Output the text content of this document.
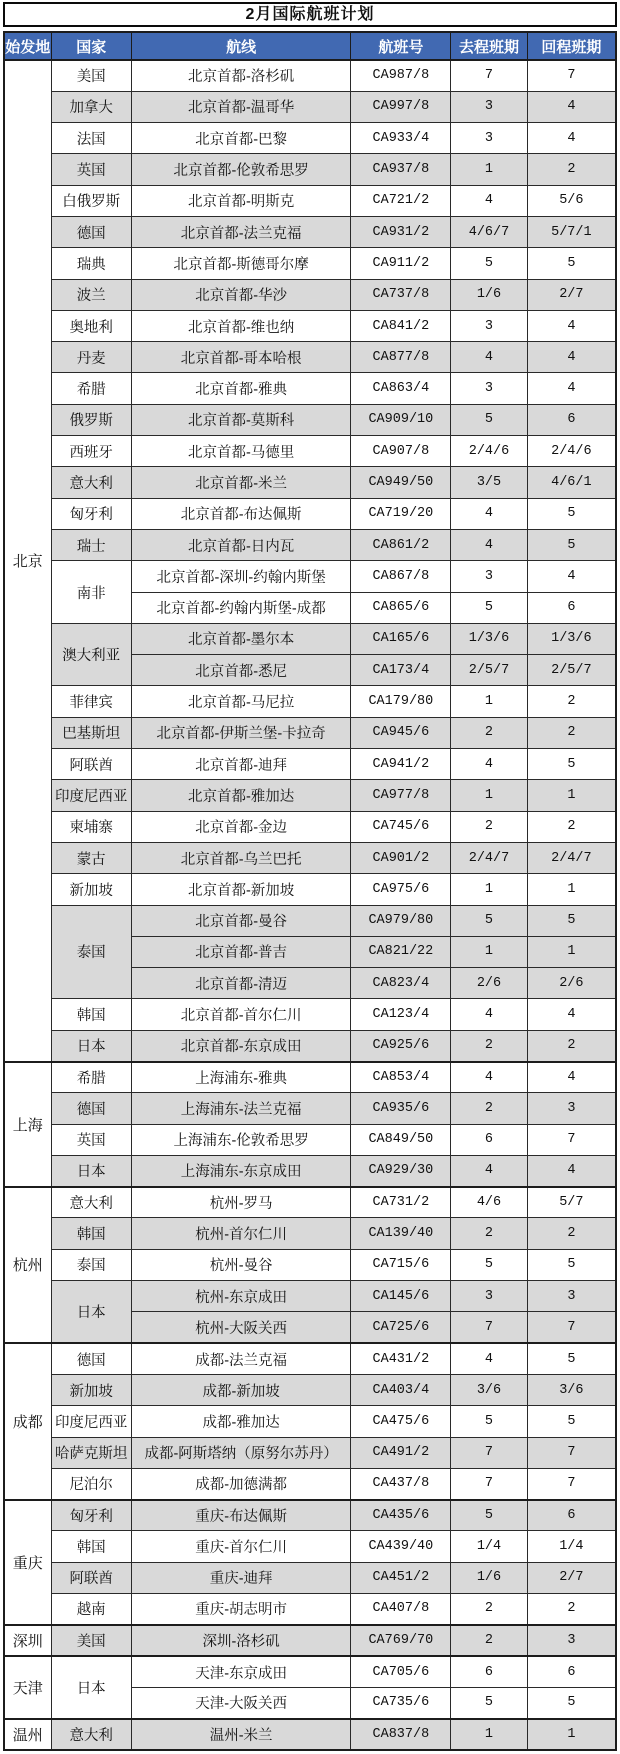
2月国际航班计划
始发地	国家	航线	航班号	去程班期	回程班期
北京	美国	北京首都-洛杉矶	CA987/8	7	7
	加拿大	北京首都-温哥华	CA997/8	3	4
	法国	北京首都-巴黎	CA933/4	3	4
	英国	北京首都-伦敦希思罗	CA937/8	1	2
	白俄罗斯	北京首都-明斯克	CA721/2	4	5/6
	德国	北京首都-法兰克福	CA931/2	4/6/7	5/7/1
	瑞典	北京首都-斯德哥尔摩	CA911/2	5	5
	波兰	北京首都-华沙	CA737/8	1/6	2/7
	奥地利	北京首都-维也纳	CA841/2	3	4
	丹麦	北京首都-哥本哈根	CA877/8	4	4
	希腊	北京首都-雅典	CA863/4	3	4
	俄罗斯	北京首都-莫斯科	CA909/10	5	6
	西班牙	北京首都-马德里	CA907/8	2/4/6	2/4/6
	意大利	北京首都-米兰	CA949/50	3/5	4/6/1
	匈牙利	北京首都-布达佩斯	CA719/20	4	5
	瑞士	北京首都-日内瓦	CA861/2	4	5
	南非	北京首都-深圳-约翰内斯堡	CA867/8	3	4
		北京首都-约翰内斯堡-成都	CA865/6	5	6
	澳大利亚	北京首都-墨尔本	CA165/6	1/3/6	1/3/6
		北京首都-悉尼	CA173/4	2/5/7	2/5/7
	菲律宾	北京首都-马尼拉	CA179/80	1	2
	巴基斯坦	北京首都-伊斯兰堡-卡拉奇	CA945/6	2	2
	阿联酋	北京首都-迪拜	CA941/2	4	5
	印度尼西亚	北京首都-雅加达	CA977/8	1	1
	柬埔寨	北京首都-金边	CA745/6	2	2
	蒙古	北京首都-乌兰巴托	CA901/2	2/4/7	2/4/7
	新加坡	北京首都-新加坡	CA975/6	1	1
	泰国	北京首都-曼谷	CA979/80	5	5
		北京首都-普吉	CA821/22	1	1
		北京首都-清迈	CA823/4	2/6	2/6
	韩国	北京首都-首尔仁川	CA123/4	4	4
	日本	北京首都-东京成田	CA925/6	2	2
上海	希腊	上海浦东-雅典	CA853/4	4	4
	德国	上海浦东-法兰克福	CA935/6	2	3
	英国	上海浦东-伦敦希思罗	CA849/50	6	7
	日本	上海浦东-东京成田	CA929/30	4	4
杭州	意大利	杭州-罗马	CA731/2	4/6	5/7
	韩国	杭州-首尔仁川	CA139/40	2	2
	泰国	杭州-曼谷	CA715/6	5	5
	日本	杭州-东京成田	CA145/6	3	3
		杭州-大阪关西	CA725/6	7	7
成都	德国	成都-法兰克福	CA431/2	4	5
	新加坡	成都-新加坡	CA403/4	3/6	3/6
	印度尼西亚	成都-雅加达	CA475/6	5	5
	哈萨克斯坦	成都-阿斯塔纳（原努尔苏丹）	CA491/2	7	7
	尼泊尔	成都-加德满都	CA437/8	7	7
重庆	匈牙利	重庆-布达佩斯	CA435/6	5	6
	韩国	重庆-首尔仁川	CA439/40	1/4	1/4
	阿联酋	重庆-迪拜	CA451/2	1/6	2/7
	越南	重庆-胡志明市	CA407/8	2	2
深圳	美国	深圳-洛杉矶	CA769/70	2	3
天津	日本	天津-东京成田	CA705/6	6	6
		天津-大阪关西	CA735/6	5	5
温州	意大利	温州-米兰	CA837/8	1	1
